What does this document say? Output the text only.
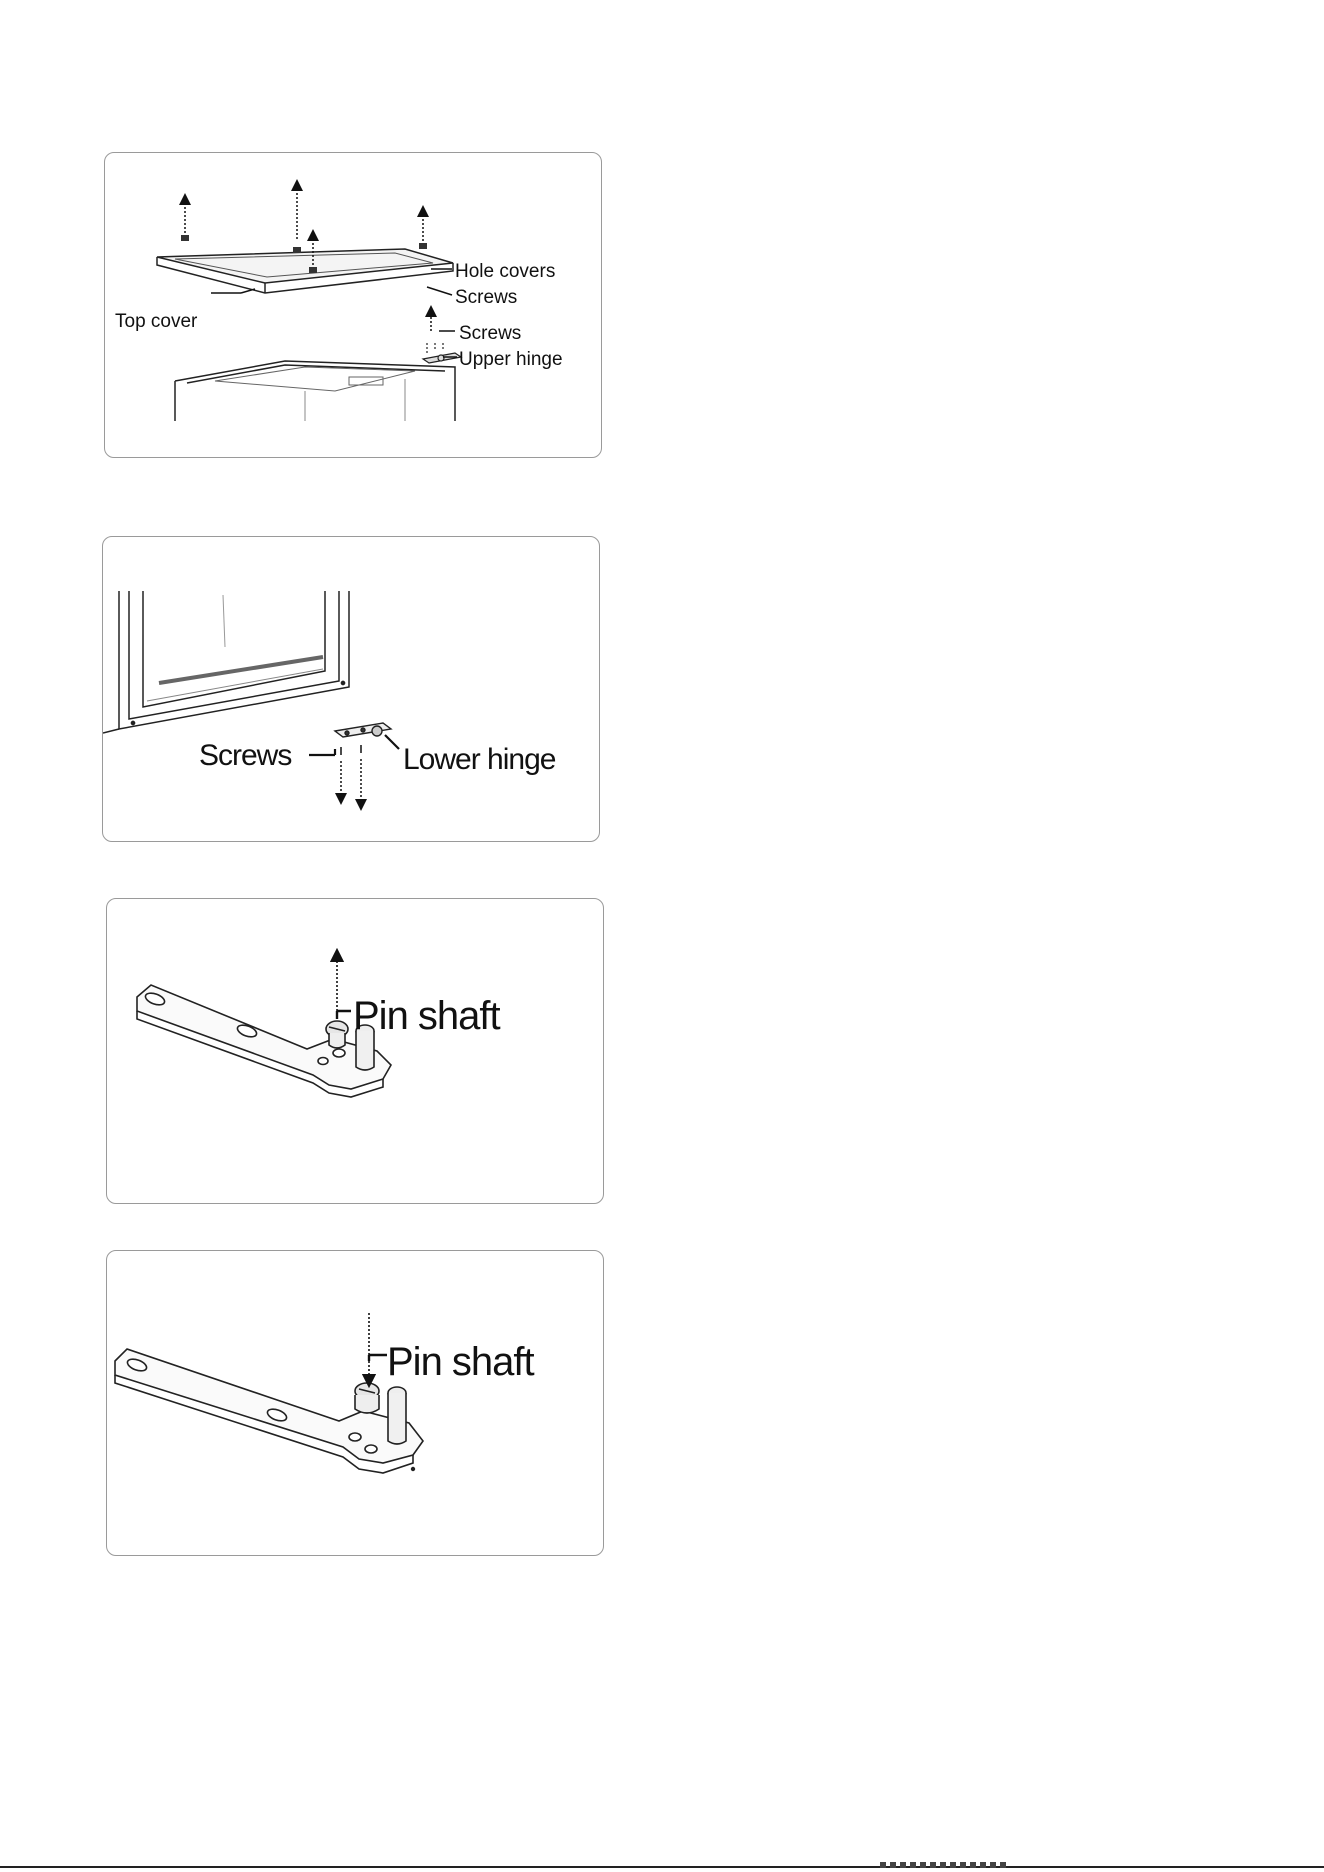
Hole covers
Screws
Top cover
Screws
Upper hinge
Screws	Lower hinge
Pin shaft
Pin shaft
